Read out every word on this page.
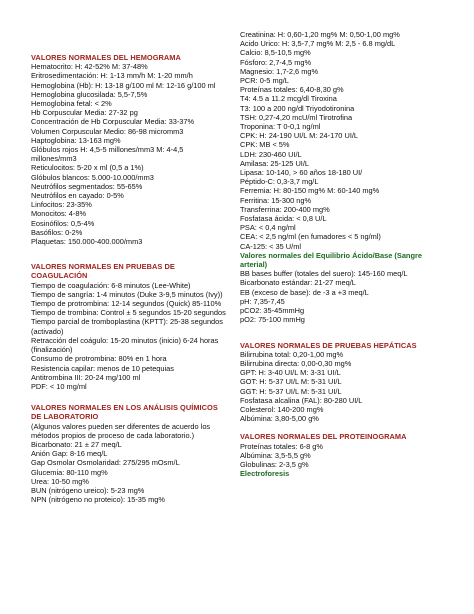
VALORES NORMALES DEL HEMOGRAMA
Hematocrito: H: 42-52% M: 37-48%
Eritrosedimentación: H: 1-13 mm/h M: 1-20 mm/h
Hemoglobina (Hb): H: 13-18 g/100 ml M: 12-16 g/100 ml
Hemoglobina glucosilada: 5,5-7,5%
Hemoglobina fetal: < 2%
Hb Corpuscular Media: 27-32 pg
Concentración de Hb Corpuscular Media: 33-37%
Volumen Corpuscular Medio: 86-98 micromm3
Haptoglobina: 13-163 mg%
Glóbulos rojos H: 4,5-5 millones/mm3 M: 4-4,5
millones/mm3
Reticulocitos: 5-20 x ml (0,5 a 1%)
Glóbulos blancos: 5.000-10.000/mm3
Neutrófilos segmentados: 55-65%
Neutrófilos en cayado: 0-5%
Linfocitos: 23-35%
Monocitos: 4-8%
Eosinófilos: 0,5-4%
Basófilos: 0-2%
Plaquetas: 150.000-400.000/mm3
VALORES NORMALES EN PRUEBAS DE
COAGULACIÓN
Tiempo de coagulación: 6-8 minutos (Lee-White)
Tiempo de sangría: 1-4 minutos (Duke 3-9,5 minutos (Ivy))
Tiempo de protrombina: 12-14 segundos (Quick) 85-110%
Tiempo de trombina: Control ± 5 segundos 15-20 segundos
Tiempo parcial de tromboplastina (KPTT): 25-38 segundos
(activado)
Retracción del coágulo: 15-20 minutos (inicio) 6-24 horas
(finalización)
Consumo de protrombina: 80% en 1 hora
Resistencia capilar: menos de 10 petequias
Antitrombina III: 20-24 mg/100 ml
PDF: < 10 mg/ml
VALORES NORMALES EN LOS ANÁLISIS QUÍMICOS
DE LABORATORIO
(Algunos valores pueden ser diferentes de acuerdo los
métodos propios de proceso de cada laboratorio.)
Bicarbonato: 21 ± 27 meq/L
Anión Gap: 8-16 meq/L
Gap Osmolar Osmolaridad: 275/295 mOsm/L
Glucemia: 80-110 mg%
Urea: 10-50 mg%
BUN (nitrógeno ureico): 5-23 mg%
NPN (nitrógeno no proteico): 15-35 mg%
Creatinina: H: 0,60-1,20 mg% M: 0,50-1,00 mg%
Acido Urico: H: 3,5-7,7 mg% M: 2,5 - 6.8 mg/dL
Calcio: 8,5-10,5 mg%
Fósforo: 2,7-4,5 mg%
Magnesio: 1,7-2,6 mg%
PCR: 0-5 mg/L
Proteínas totales: 6,40-8,30 g%
T4: 4.5 a 11.2 mcg/dl Tiroxina
T3: 100 a 200 ng/dl Triyodotironina
TSH: 0,27-4,20 mcU/ml Tirotrofina
Troponina: T 0-0,1 ng/ml
CPK: H: 24-190 UI/L M: 24-170 UI/L
CPK: MB < 5%
LDH: 230-460 UI/L
Amilasa: 25-125 UI/L
Lipasa: 10-140, > 60 años 18-180 UI/
Péptido-C: 0,3-3,7 mg/L
Ferremia: H: 80-150 mg% M: 60-140 mg%
Ferritina: 15-300 ng%
Transferrina: 200-400 mg%
Fosfatasa ácida: < 0,8 U/L
PSA: < 0,4 ng/ml
CEA: < 2,5 ng/ml (en fumadores < 5 ng/ml)
CA-125: < 35 U/ml
Valores normales del Equilibrio Ácido/Base (Sangre
arterial)
BB bases buffer (totales del suero): 145-160 meq/L
Bicarbonato estándar: 21-27 meq/L
EB (exceso de base): de -3 a +3 meq/L
pH: 7,35-7,45
pCO2: 35-45mmHg
pO2: 75-100 mmHg
VALORES NORMALES DE PRUEBAS HEPÁTICAS
Bilirrubina total: 0,20-1,00 mg%
Bilirrubina directa: 0,00-0,30 mg%
GPT: H: 3-40 UI/L M: 3-31 UI/L
GOT: H: 5-37 UI/L M: 5-31 UI/L
GGT: H: 5-37 UI/L M: 5-31 UI/L
Fosfatasa alcalina (FAL): 80-280 UI/L
Colesterol: 140-200 mg%
Albúmina: 3,80-5,00 g%
VALORES NORMALES DEL PROTEINOGRAMA
Proteínas totales: 6-8 g%
Albúmina: 3,5-5,5 g%
Globulinas: 2-3,5 g%
Electroforesis
